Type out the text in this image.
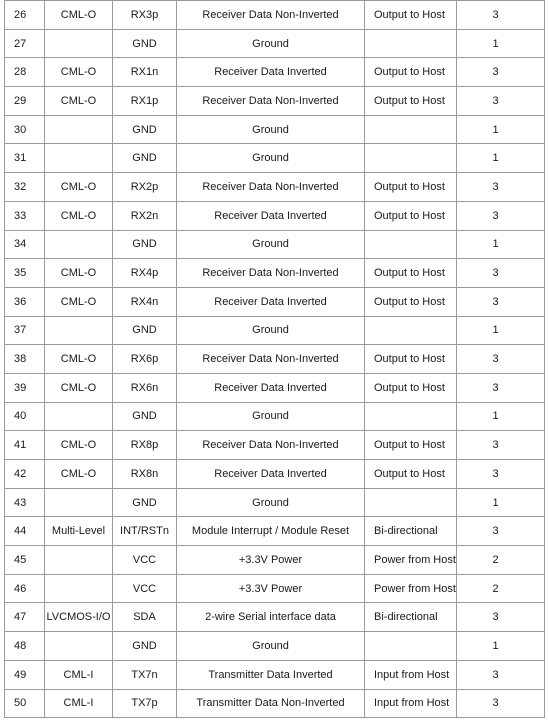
26	CML-O	RX3p	Receiver Data Non-Inverted	Output to Host	3
27		GND	Ground		1
28	CML-O	RX1n	Receiver Data Inverted	Output to Host	3
29	CML-O	RX1p	Receiver Data Non-Inverted	Output to Host	3
30		GND	Ground		1
31		GND	Ground		1
32	CML-O	RX2p	Receiver Data Non-Inverted	Output to Host	3
33	CML-O	RX2n	Receiver Data Inverted	Output to Host	3
34		GND	Ground		1
35	CML-O	RX4p	Receiver Data Non-Inverted	Output to Host	3
36	CML-O	RX4n	Receiver Data Inverted	Output to Host	3
37		GND	Ground		1
38	CML-O	RX6p	Receiver Data Non-Inverted	Output to Host	3
39	CML-O	RX6n	Receiver Data Inverted	Output to Host	3
40		GND	Ground		1
41	CML-O	RX8p	Receiver Data Non-Inverted	Output to Host	3
42	CML-O	RX8n	Receiver Data Inverted	Output to Host	3
43		GND	Ground		1
44	Multi-Level	INT/RSTn	Module Interrupt / Module Reset	Bi-directional	3
45		VCC	+3.3V Power	Power from Host	2
46		VCC	+3.3V Power	Power from Host	2
47	LVCMOS-I/O	SDA	2-wire Serial interface data	Bi-directional	3
48		GND	Ground		1
49	CML-I	TX7n	Transmitter Data Inverted	Input from Host	3
50	CML-I	TX7p	Transmitter Data Non-Inverted	Input from Host	3
